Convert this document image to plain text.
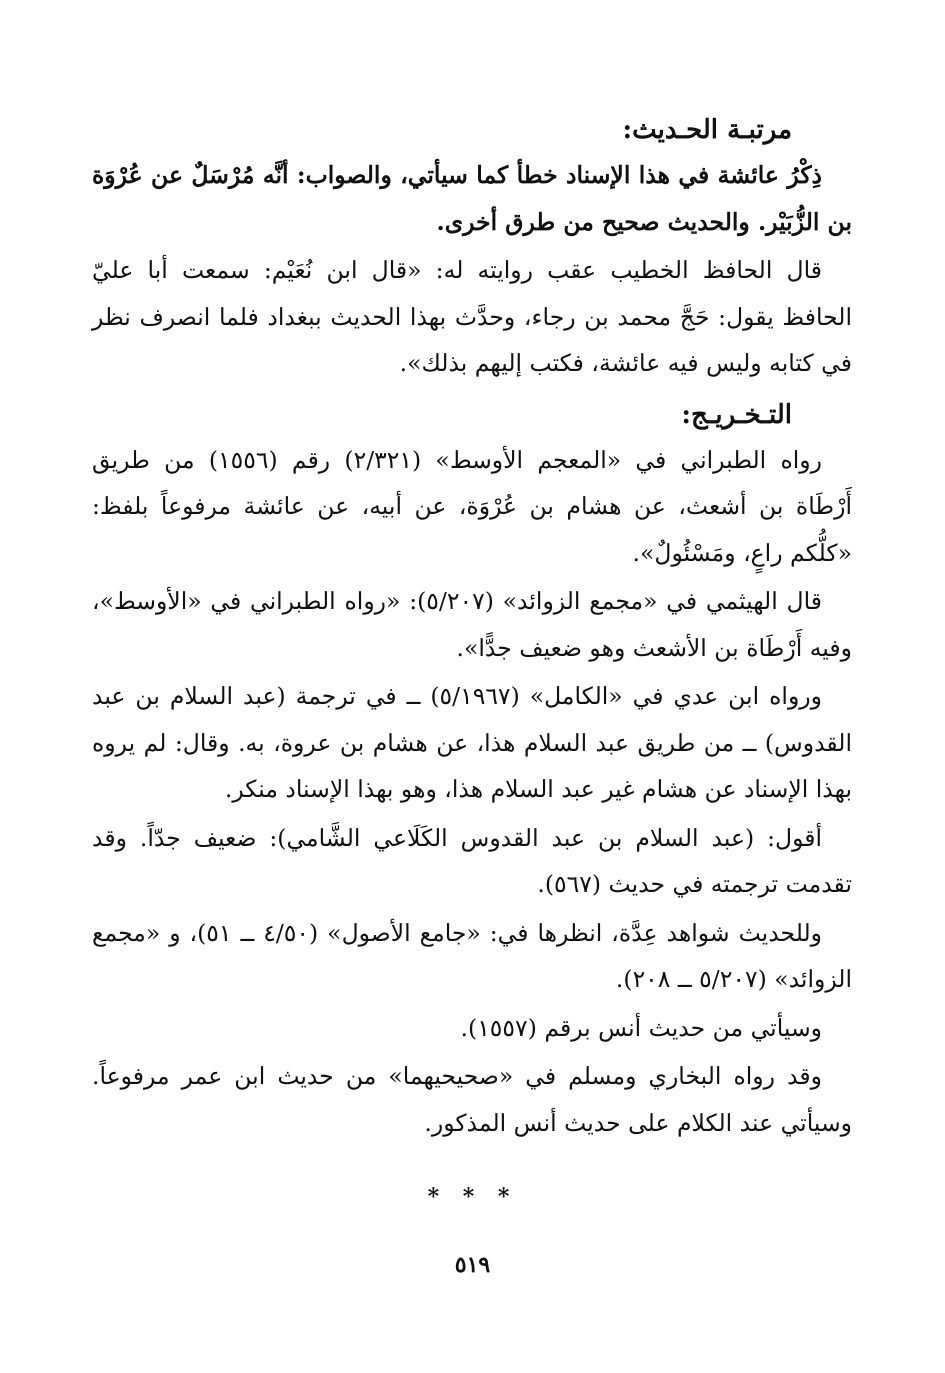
مرتبـة الحـديث:

ذِكْرُ عائشة في هذا الإسناد خطأ كما سيأتي، والصواب: أنَّه مُرْسَلٌ عن عُرْوَة بن الزُّبَيْر. والحديث صحيح من طرق أخرى.

قال الحافظ الخطيب عقب روايته له: «قال ابن نُعَيْم: سمعت أبا عليّ الحافظ يقول: حَجَّ محمد بن رجاء، وحدَّث بهذا الحديث ببغداد فلما انصرف نظر في كتابه وليس فيه عائشة، فكتب إليهم بذلك».

التـخـريـج:

رواه الطبراني في «المعجم الأوسط» (٢/٣٢١) رقم (١٥٥٦) من طريق أَرْطَاة بن أشعث، عن هشام بن عُرْوَة، عن أبيه، عن عائشة مرفوعاً بلفظ: «كلُّكم راعٍ، ومَسْئُولٌ».

قال الهيثمي في «مجمع الزوائد» (٥/٢٠٧): «رواه الطبراني في «الأوسط»، وفيه أَرْطَاة بن الأشعث وهو ضعيف جدًّا».

ورواه ابن عدي في «الكامل» (٥/١٩٦٧) ــ في ترجمة (عبد السلام بن عبد القدوس) ــ من طريق عبد السلام هذا، عن هشام بن عروة، به. وقال: لم يروه بهذا الإسناد عن هشام غير عبد السلام هذا، وهو بهذا الإسناد منكر.

أقول: (عبد السلام بن عبد القدوس الكَلَاعي الشَّامي): ضعيف جدّاً. وقد تقدمت ترجمته في حديث (٥٦٧).

وللحديث شواهد عِدَّة، انظرها في: «جامع الأصول» (٤/٥٠ ــ ٥١)، و «مجمع الزوائد» (٥/٢٠٧ ــ ٢٠٨).

وسيأتي من حديث أنس برقم (١٥٥٧).

وقد رواه البخاري ومسلم في «صحيحيهما» من حديث ابن عمر مرفوعاً. وسيأتي عند الكلام على حديث أنس المذكور.

* * *
٥١٩
